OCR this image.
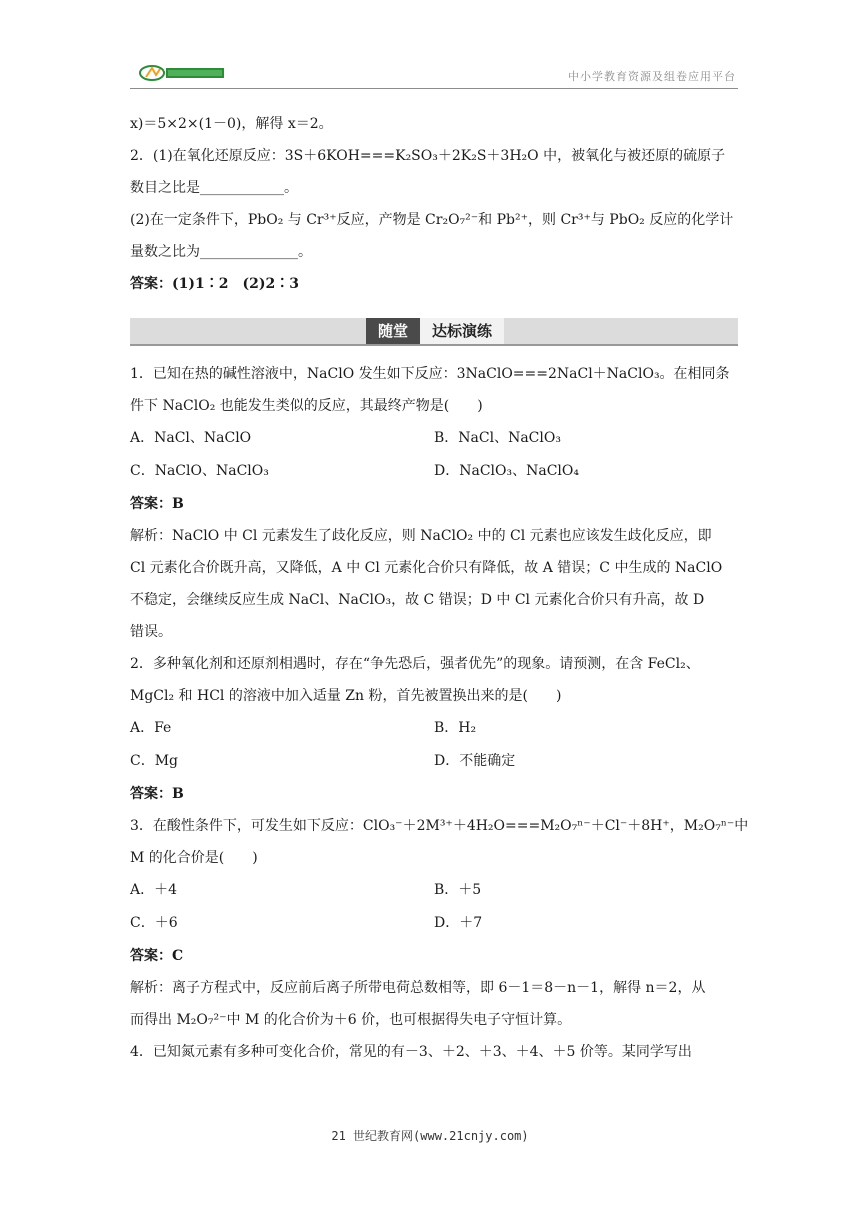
中小学教育资源及组卷应用平台

x)＝5×2×(1－0)，解得 x＝2。

2．(1)在氧化还原反应：3S＋6KOH===K₂SO₃＋2K₂S＋3H₂O 中，被氧化与被还原的硫原子

数目之比是____________。

(2)在一定条件下，PbO₂ 与 Cr³⁺反应，产物是 Cr₂O₇²⁻和 Pb²⁺，则 Cr³⁺与 PbO₂ 反应的化学计

量数之比为______________。

答案：(1)1∶2　(2)2∶3

随堂	达标演练

1．已知在热的碱性溶液中，NaClO 发生如下反应：3NaClO===2NaCl＋NaClO₃。在相同条

件下 NaClO₂ 也能发生类似的反应，其最终产物是(　　)

A．NaCl、NaClO	B．NaCl、NaClO₃
C．NaClO、NaClO₃	D．NaClO₃、NaClO₄

答案：B

解析：NaClO 中 Cl 元素发生了歧化反应，则 NaClO₂ 中的 Cl 元素也应该发生歧化反应，即

Cl 元素化合价既升高，又降低，A 中 Cl 元素化合价只有降低，故 A 错误；C 中生成的 NaClO

不稳定，会继续反应生成 NaCl、NaClO₃，故 C 错误；D 中 Cl 元素化合价只有升高，故 D

错误。

2．多种氧化剂和还原剂相遇时，存在“争先恐后，强者优先”的现象。请预测，在含 FeCl₂、

MgCl₂ 和 HCl 的溶液中加入适量 Zn 粉，首先被置换出来的是(　　)

A．Fe	B．H₂
C．Mg	D．不能确定

答案：B

3．在酸性条件下，可发生如下反应：ClO₃⁻＋2M³⁺＋4H₂O===M₂O₇ⁿ⁻＋Cl⁻＋8H⁺，M₂O₇ⁿ⁻中

M 的化合价是(　　)

A．＋4	B．＋5
C．＋6	D．＋7

答案：C

解析：离子方程式中，反应前后离子所带电荷总数相等，即 6－1＝8－n－1，解得 n＝2，从

而得出 M₂O₇²⁻中 M 的化合价为＋6 价，也可根据得失电子守恒计算。

4．已知氮元素有多种可变化合价，常见的有－3、＋2、＋3、＋4、＋5 价等。某同学写出

21 世纪教育网(www.21cnjy.com)
